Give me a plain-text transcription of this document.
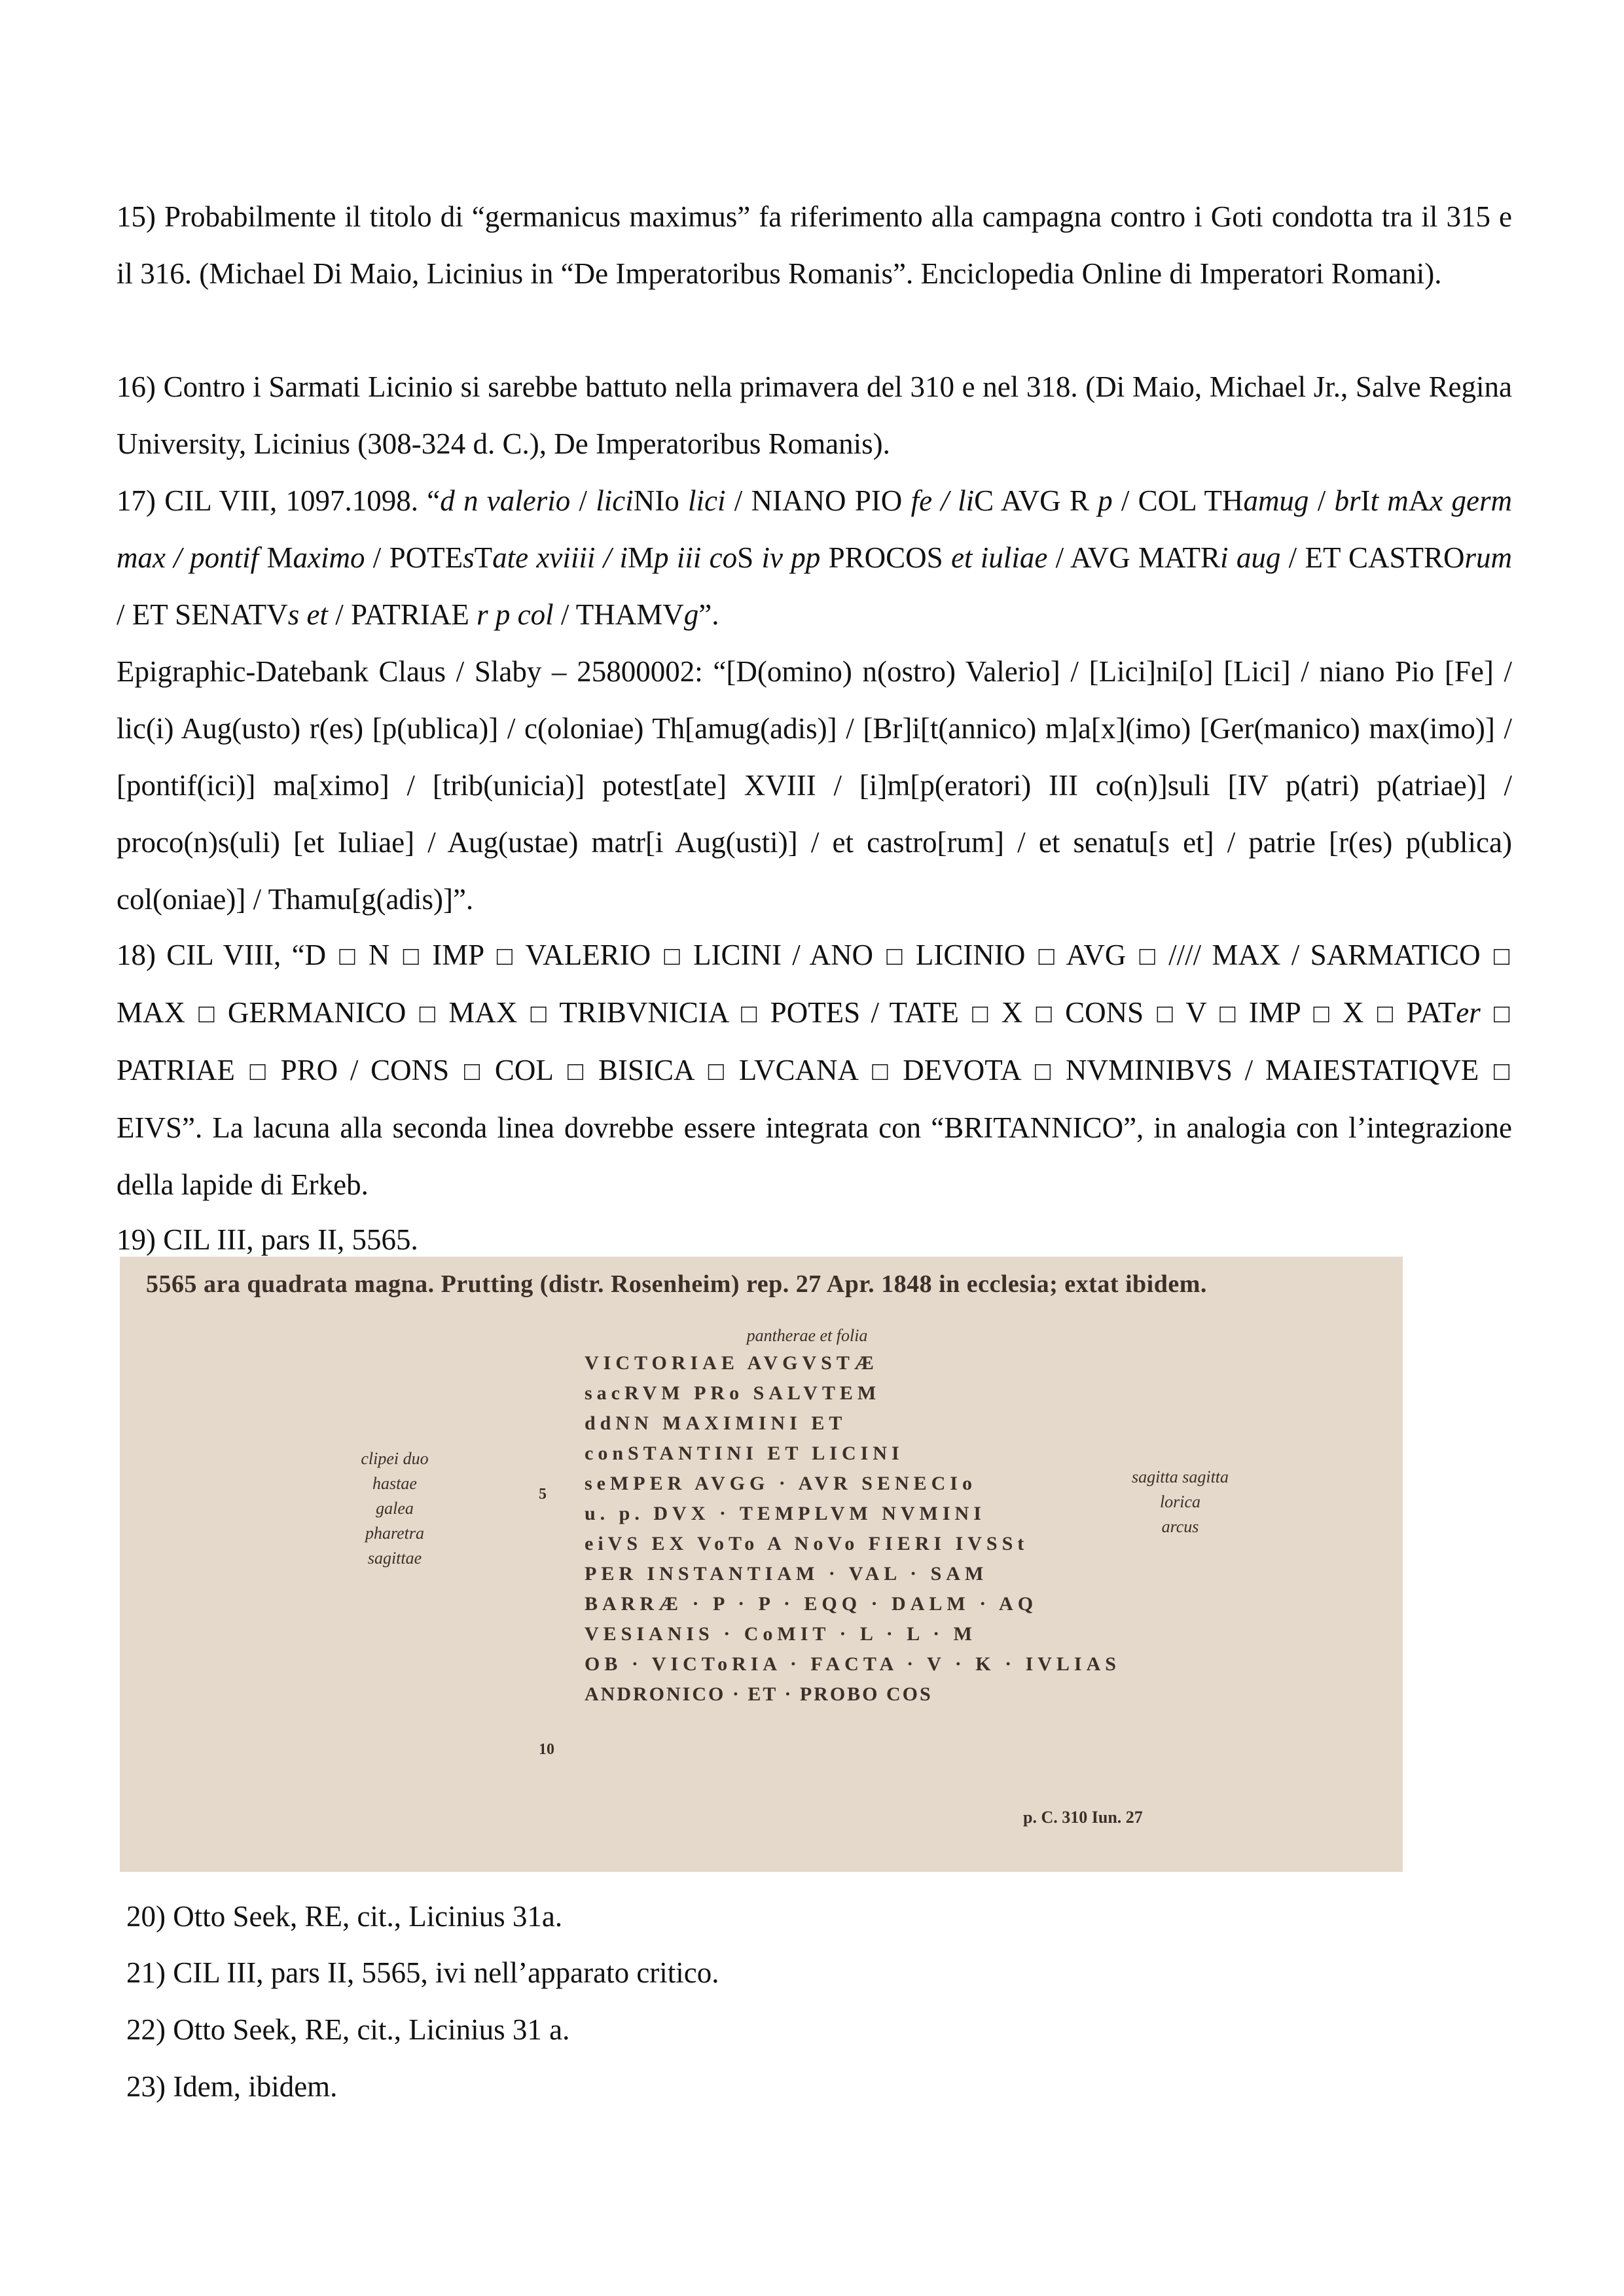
15) Probabilmente il titolo di “germanicus maximus” fa riferimento alla campagna contro i Goti condotta tra il 315 e il 316. (Michael Di Maio, Licinius in “De Imperatoribus Romanis”. Enciclopedia Online di Imperatori Romani).

16) Contro i Sarmati Licinio si sarebbe battuto nella primavera del 310 e nel 318. (Di Maio, Michael Jr., Salve Regina University, Licinius (308-324 d. C.), De Imperatoribus Romanis).

17) CIL VIII, 1097.1098. “d n valerio / liciNIo lici / NIANO PIO fe / liC AVG R p / COL THamug / brIt mAx germ max / pontif Maximo / POTEsTate xviiii / iMp iii coS iv pp PROCOS et iuliae / AVG MATRi aug / ET CASTROrum / ET SENATVs et / PATRIAE r p col / THAMVg”.

Epigraphic-Datebank Claus / Slaby – 25800002: “[D(omino) n(ostro) Valerio] / [Lici]ni[o] [Lici] / niano Pio [Fe] / lic(i) Aug(usto) r(es) [p(ublica)] / c(oloniae) Th[amug(adis)] / [Br]i[t(annico) m]a[x](imo) [Ger(manico) max(imo)] / [pontif(ici)] ma[ximo] / [trib(unicia)] potest[ate] XVIII / [i]m[p(eratori) III co(n)]suli [IV p(atri) p(atriae)] / proco(n)s(uli) [et Iuliae] / Aug(ustae) matr[i Aug(usti)] / et castro[rum] / et senatu[s et] / patrie [r(es) p(ublica) col(oniae)] / Thamu[g(adis)]”.

18) CIL VIII, “D □ N □ IMP □ VALERIO □ LICINI / ANO □ LICINIO □ AVG □ //// MAX / SARMATICO □ MAX □ GERMANICO □ MAX □ TRIBVNICIA □ POTES / TATE □ X □ CONS □ V □ IMP □ X □ PATer □ PATRIAE □ PRO / CONS □ COL □ BISICA □ LVCANA □ DEVOTA □ NVMINIBVS / MAIESTATIQVE □ EIVS”. La lacuna alla seconda linea dovrebbe essere integrata con “BRITANNICO”, in analogia con l’integrazione della lapide di Erkeb.

19) CIL III, pars II, 5565.

5565 ara quadrata magna. Prutting (distr. Rosenheim) rep. 27 Apr. 1848 in ecclesia; extat ibidem.
pantherae et folia
clipei duo
hastae
galea
pharetra
sagittae
sagitta sagitta
lorica
arcus
5
10
VICTORIAE AVGVSTÆ
sacRVM PRo SALVTEM
ddNN MAXIMINI ET
conSTANTINI ET LICINI
seMPER AVGG · AVR SENECIo
u. p. DVX · TEMPLVM NVMINI
eiVS EX VoTo A NoVo FIERI IVSSt
PER INSTANTIAM · VAL · SAM
BARRÆ · P · P · EQQ · DALM · AQ
VESIANIS · CoMIT · L · L · M
OB · VICToRIA · FACTA · V · K · IVLIAS
ANDRONICO · ET · PROBO COS
p. C. 310 Iun. 27

20) Otto Seek, RE, cit., Licinius 31a.

21) CIL III, pars II, 5565, ivi nell’apparato critico.

22) Otto Seek, RE, cit., Licinius 31 a.

23) Idem, ibidem.
